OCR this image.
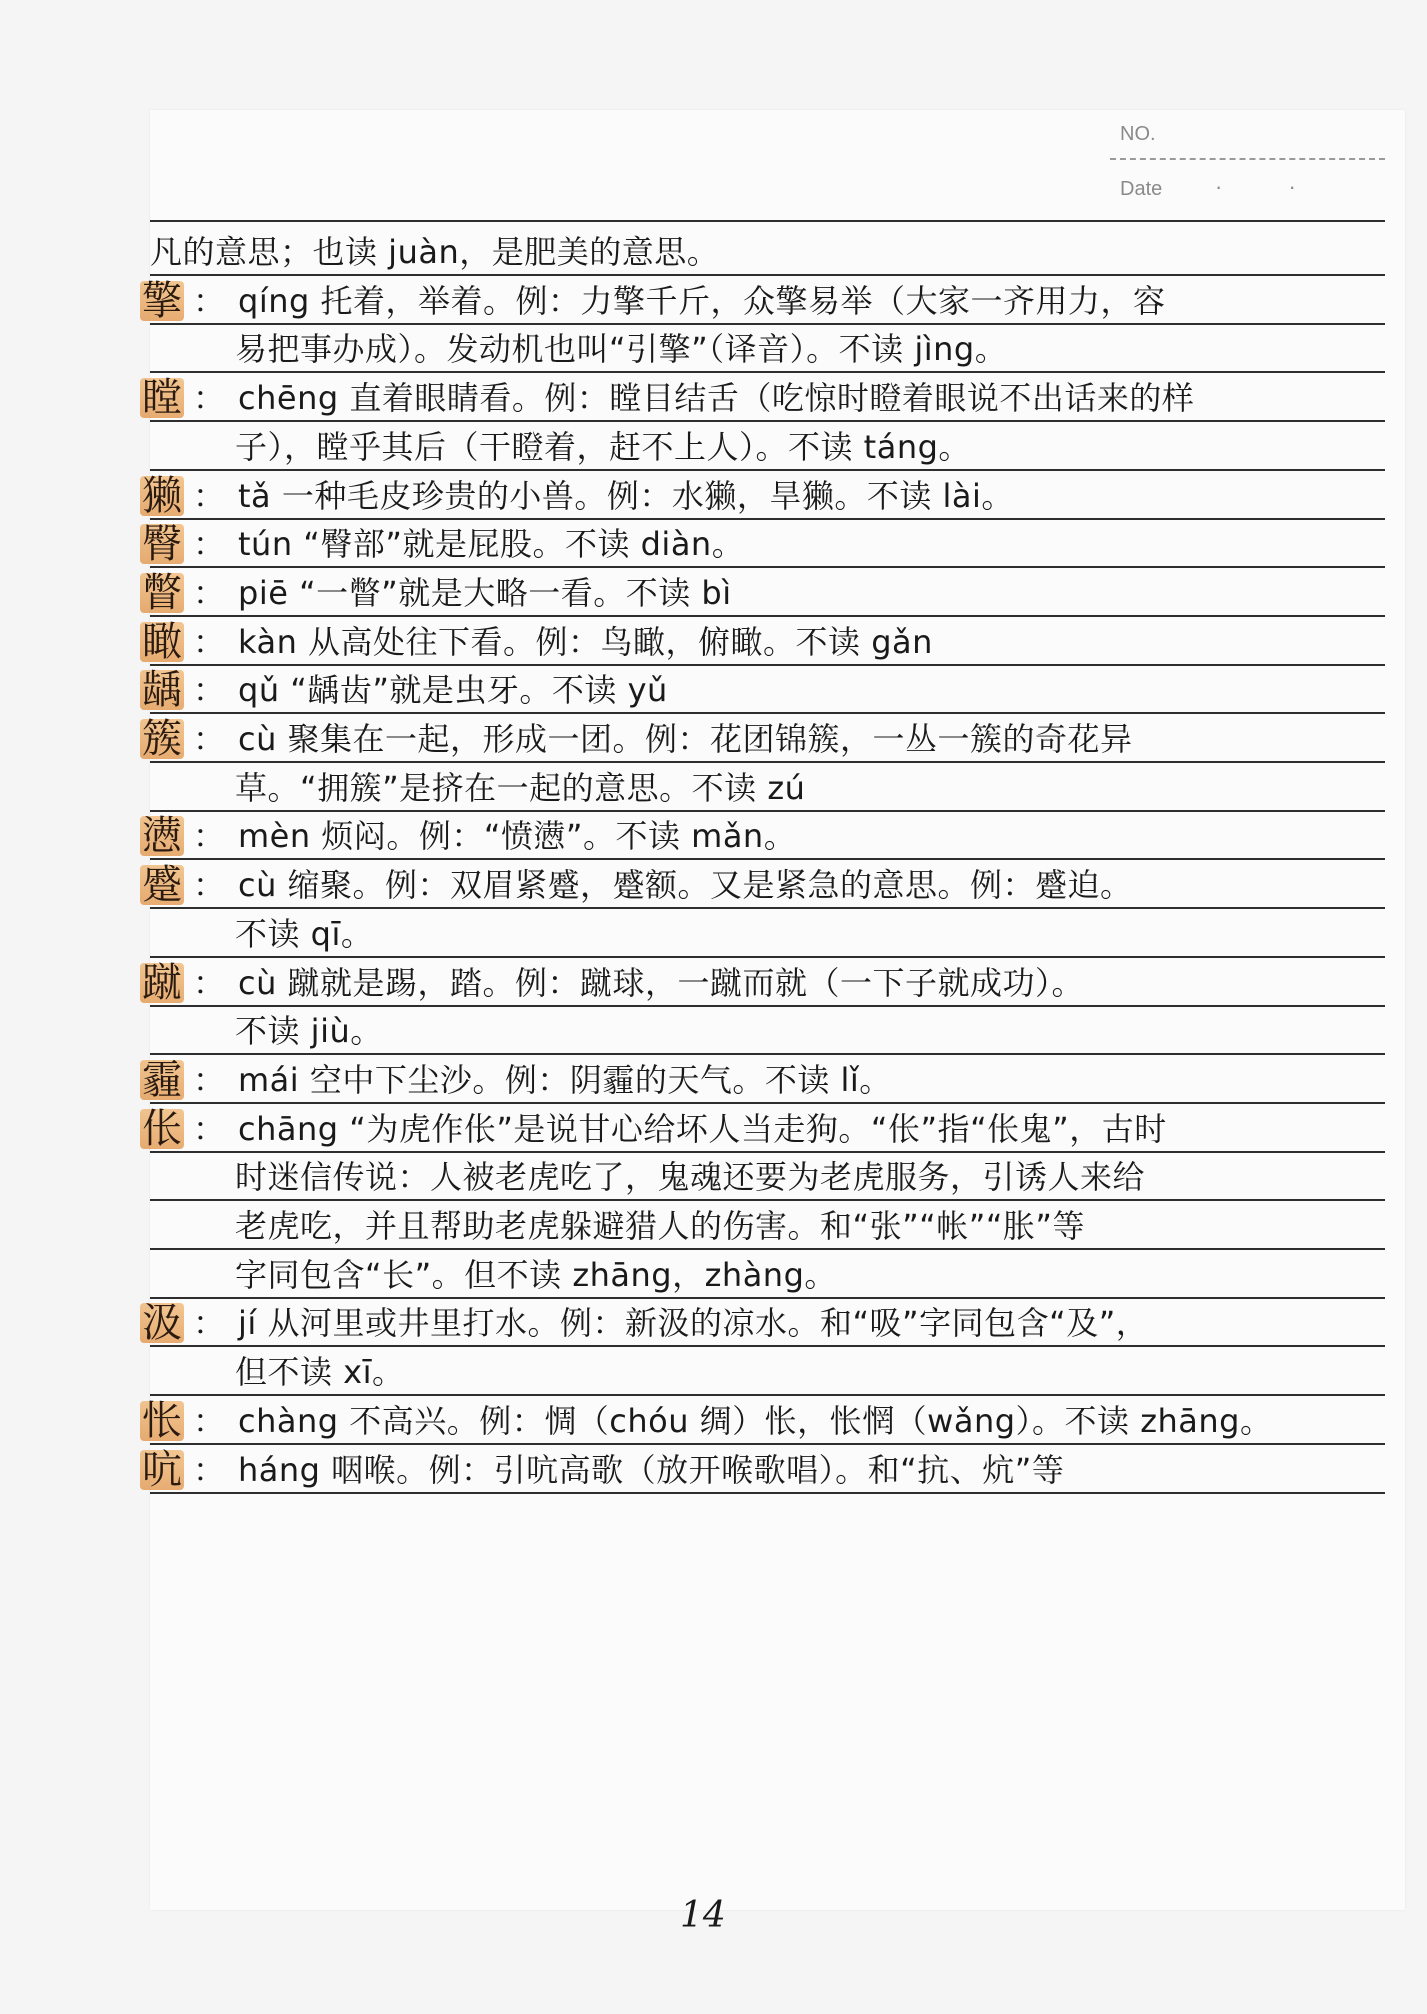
NO.
Date · ·
凡的意思；也读 juàn，是肥美的意思。
擎 ： qíng 托着，举着。例：力擎千斤，众擎易举（大家一齐用力，容
易把事办成）。发动机也叫“引擎”（译音）。不读 jìng。
瞠 ： chēng 直着眼睛看。例：瞠目结舌（吃惊时瞪着眼说不出话来的样
子），瞠乎其后（干瞪着，赶不上人）。不读 táng。
獭 ： tǎ 一种毛皮珍贵的小兽。例：水獭，旱獭。不读 lài。
臀 ： tún “臀部”就是屁股。不读 diàn。
瞥 ： piē “一瞥”就是大略一看。不读 bì
瞰 ： kàn 从高处往下看。例：鸟瞰，俯瞰。不读 gǎn
龋 ： qǔ “龋齿”就是虫牙。不读 yǔ
簇 ： cù 聚集在一起，形成一团。例：花团锦簇，一丛一簇的奇花异
草。“拥簇”是挤在一起的意思。不读 zú
懑 ： mèn 烦闷。例：“愤懑”。不读 mǎn。
蹙 ： cù 缩聚。例：双眉紧蹙，蹙额。又是紧急的意思。例：蹙迫。
不读 qī。
蹴 ： cù 蹴就是踢，踏。例：蹴球，一蹴而就（一下子就成功）。
不读 jiù。
霾 ： mái 空中下尘沙。例：阴霾的天气。不读 lǐ。
伥 ： chāng “为虎作伥”是说甘心给坏人当走狗。“伥”指“伥鬼”，古时
时迷信传说：人被老虎吃了，鬼魂还要为老虎服务，引诱人来给
老虎吃，并且帮助老虎躲避猎人的伤害。和“张”“帐”“胀”等
字同包含“长”。但不读 zhāng，zhàng。
汲 ： jí 从河里或井里打水。例：新汲的凉水。和“吸”字同包含“及”，
但不读 xī。
怅 ： chàng 不高兴。例：惆（chóu 绸）怅，怅惘（wǎng）。不读 zhāng。
吭 ： háng 咽喉。例：引吭高歌（放开喉歌唱）。和“抗、炕”等
14
